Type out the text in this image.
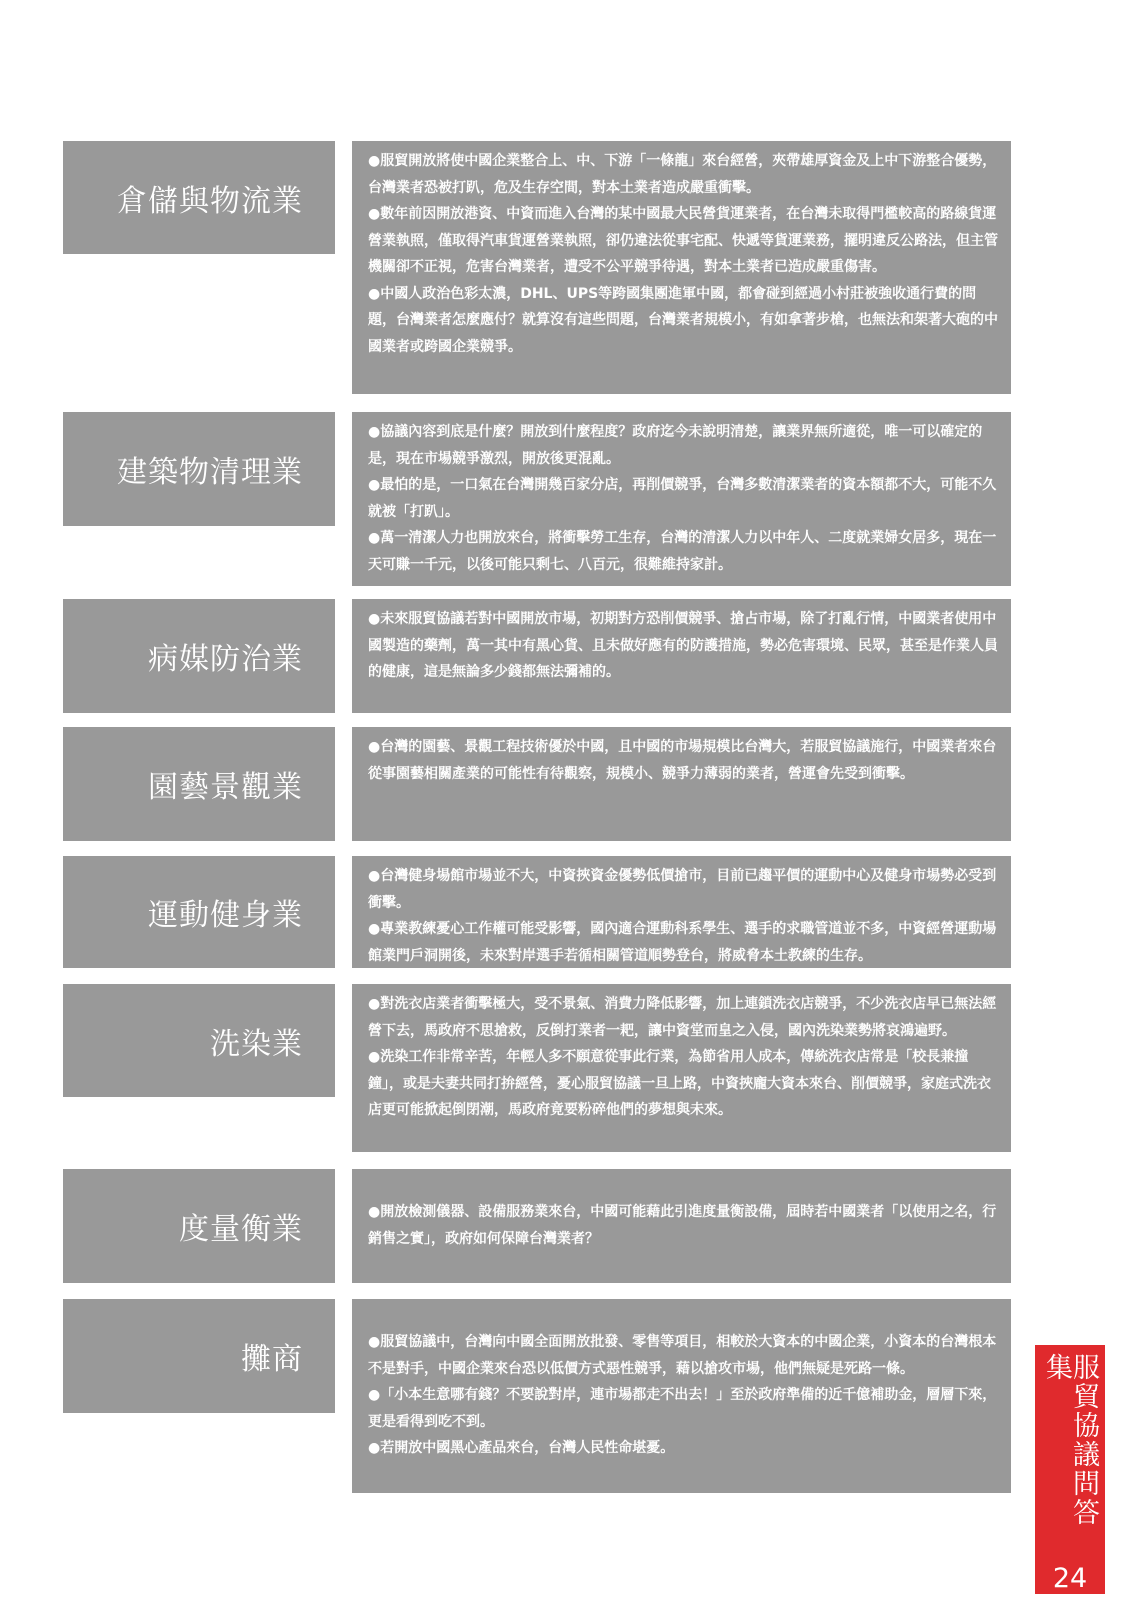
倉儲與物流業

●服貿開放將使中國企業整合上、中、下游「一條龍」來台經營，夾帶雄厚資金及上中下游整合優勢，台灣業者恐被打趴，危及生存空間，對本土業者造成嚴重衝擊。

●數年前因開放港資、中資而進入台灣的某中國最大民營貨運業者，在台灣未取得門檻較高的路線貨運營業執照，僅取得汽車貨運營業執照，卻仍違法從事宅配、快遞等貨運業務，擺明違反公路法，但主管機關卻不正視，危害台灣業者，遭受不公平競爭待遇，對本土業者已造成嚴重傷害。

●中國人政治色彩太濃，DHL、UPS等跨國集團進軍中國，都會碰到經過小村莊被強收通行費的問題，台灣業者怎麼應付？就算沒有這些問題，台灣業者規模小，有如拿著步槍，也無法和架著大砲的中國業者或跨國企業競爭。

建築物清理業

●協議內容到底是什麼？開放到什麼程度？政府迄今未說明清楚，讓業界無所適從，唯一可以確定的是，現在市場競爭激烈，開放後更混亂。

●最怕的是，一口氣在台灣開幾百家分店，再削價競爭，台灣多數清潔業者的資本額都不大，可能不久就被「打趴」。

●萬一清潔人力也開放來台，將衝擊勞工生存，台灣的清潔人力以中年人、二度就業婦女居多，現在一天可賺一千元，以後可能只剩七、八百元，很難維持家計。

病媒防治業

●未來服貿協議若對中國開放市場，初期對方恐削價競爭、搶占市場，除了打亂行情，中國業者使用中國製造的藥劑，萬一其中有黑心貨、且未做好應有的防護措施，勢必危害環境、民眾，甚至是作業人員的健康，這是無論多少錢都無法彌補的。

園藝景觀業

●台灣的園藝、景觀工程技術優於中國，且中國的市場規模比台灣大，若服貿協議施行，中國業者來台從事園藝相關產業的可能性有待觀察，規模小、競爭力薄弱的業者，營運會先受到衝擊。

運動健身業

●台灣健身場館市場並不大，中資挾資金優勢低價搶市，目前已趨平價的運動中心及健身市場勢必受到衝擊。

●專業教練憂心工作權可能受影響，國內適合運動科系學生、選手的求職管道並不多，中資經營運動場館業門戶洞開後，未來對岸選手若循相關管道順勢登台，將威脅本土教練的生存。

洗染業

●對洗衣店業者衝擊極大，受不景氣、消費力降低影響，加上連鎖洗衣店競爭，不少洗衣店早已無法經營下去，馬政府不思搶救，反倒打業者一耙，讓中資堂而皇之入侵，國內洗染業勢將哀鴻遍野。

●洗染工作非常辛苦，年輕人多不願意從事此行業，為節省用人成本，傳統洗衣店常是「校長兼撞鐘」，或是夫妻共同打拚經營，憂心服貿協議一旦上路，中資挾龐大資本來台、削價競爭，家庭式洗衣店更可能掀起倒閉潮，馬政府竟要粉碎他們的夢想與未來。

度量衡業	●開放檢測儀器、設備服務業來台，中國可能藉此引進度量衡設備，屆時若中國業者「以使用之名，行銷售之實」，政府如何保障台灣業者？

攤商	●服貿協議中，台灣向中國全面開放批發、零售等項目，相較於大資本的中國企業，小資本的台灣根本不是對手，中國企業來台恐以低價方式惡性競爭，藉以搶攻市場，他們無疑是死路一條。

●「小本生意哪有錢？不要說對岸，連市場都走不出去！」至於政府準備的近千億補助金，層層下來，更是看得到吃不到。

●若開放中國黑心產品來台，台灣人民性命堪憂。	服貿協議問答集
24
